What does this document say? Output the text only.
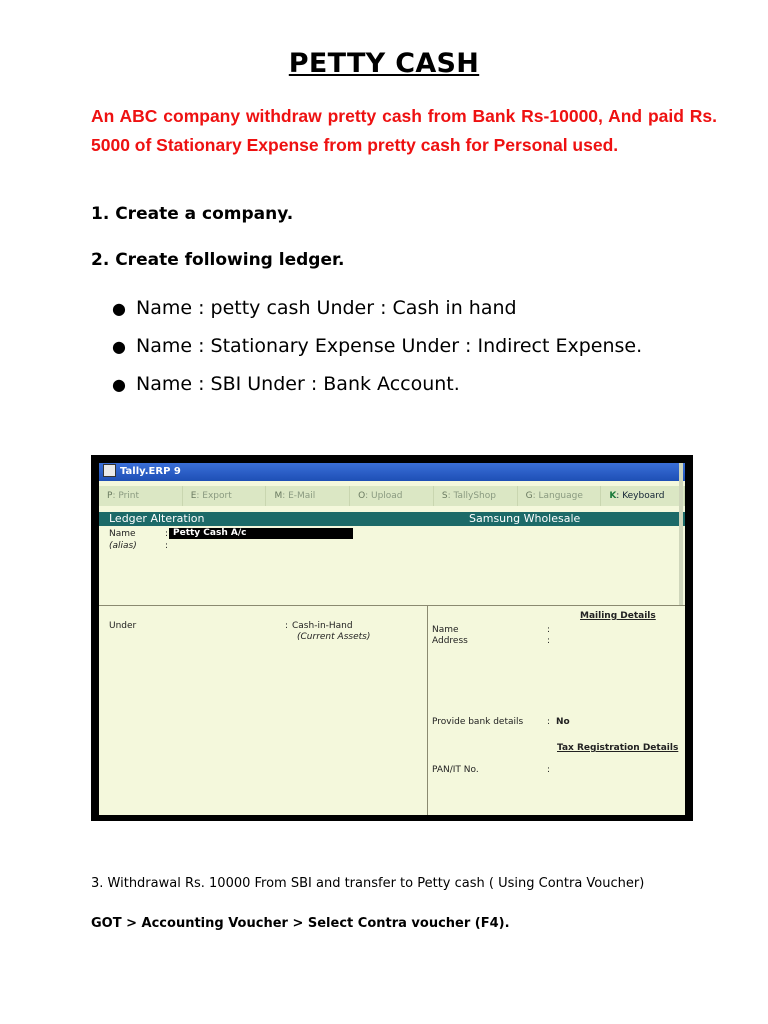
PETTY CASH
An ABC company withdraw pretty cash from Bank Rs-10000, And paid Rs. 5000 of Stationary Expense from pretty cash for Personal used.
1. Create a company.
2. Create following ledger.
● Name : petty cash Under : Cash in hand
● Name : Stationary Expense Under : Indirect Expense.
● Name : SBI Under : Bank Account.
Tally.ERP 9
P: Print	E: Export	M: E-Mail	O: Upload	S: TallyShop	G: Language	K: Keyboard
Ledger Alteration	Samsung Wholesale
Name	: Petty Cash A/c
(alias)	:
Under	: Cash-in-Hand
(Current Assets)
Mailing Details
Name	:
Address	:
Provide bank details	: No
Tax Registration Details
PAN/IT No.	:
3. Withdrawal Rs. 10000 From SBI and transfer to Petty cash ( Using Contra Voucher)
GOT > Accounting Voucher > Select Contra voucher (F4).
